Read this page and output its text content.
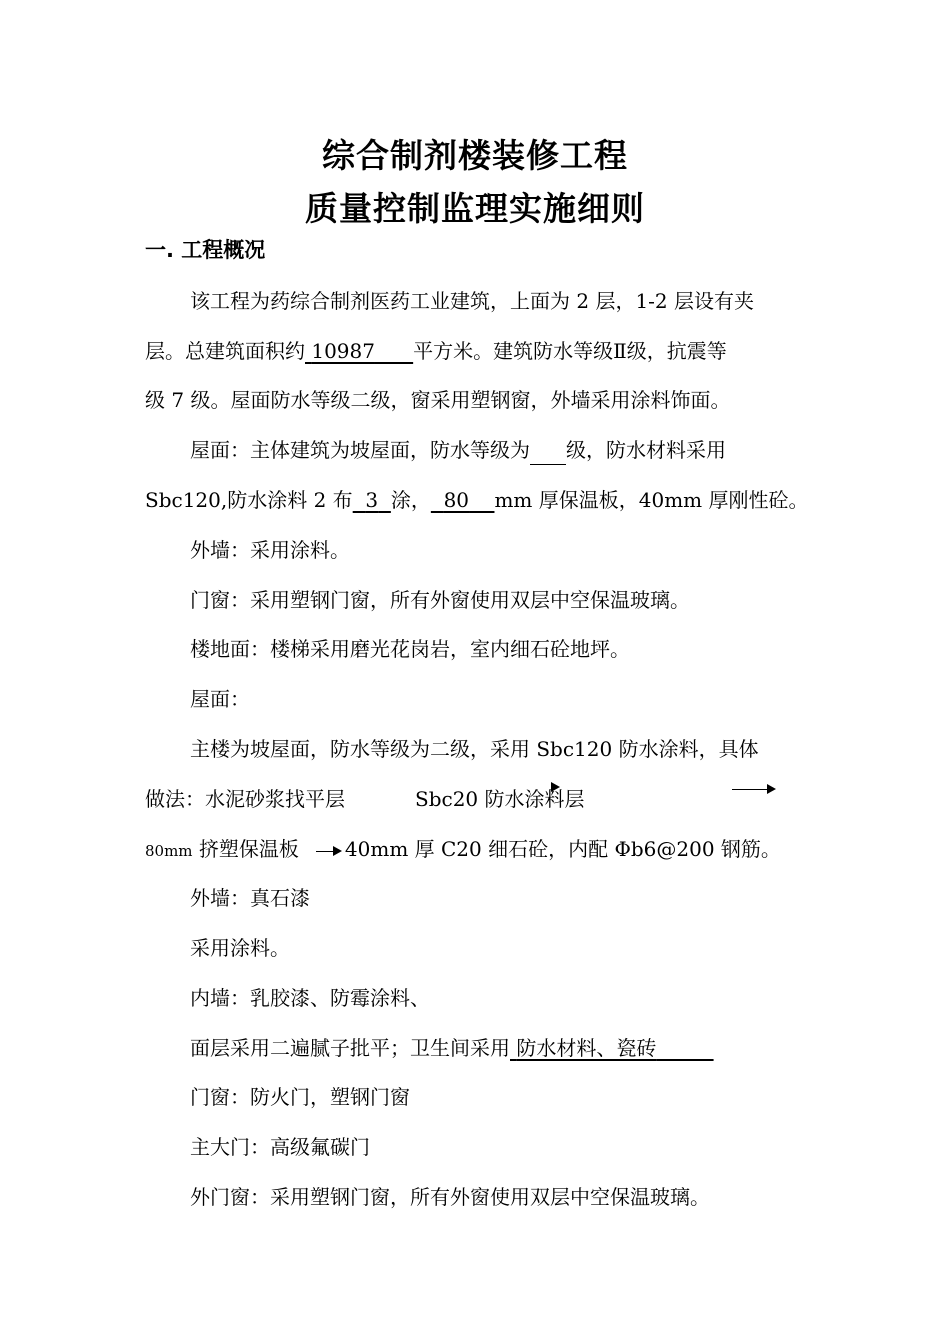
综合制剂楼装修工程
质量控制监理实施细则
一. 工程概况
该工程为药综合制剂医药工业建筑，上面为 2 层，1-2 层设有夹
层。总建筑面积约 10987 平方米。建筑防水等级Ⅱ级，抗震等
级 7 级。屋面防水等级二级，窗采用塑钢窗，外墙采用涂料饰面。
屋面：主体建筑为坡屋面，防水等级为 级，防水材料采用
Sbc120,防水涂料 2 布 3 涂， 80 mm 厚保温板，40mm 厚刚性砼。
外墙：采用涂料。
门窗：采用塑钢门窗，所有外窗使用双层中空保温玻璃。
楼地面：楼梯采用磨光花岗岩，室内细石砼地坪。
屋面：
主楼为坡屋面，防水等级为二级，采用 Sbc120 防水涂料，具体
做法：水泥砂浆找平层	Sbc20 防水涂料层
80mm 挤塑保温板 40mm 厚 C20 细石砼，内配 Φb6@200 钢筋。
外墙：真石漆
采用涂料。
内墙：乳胶漆、防霉涂料、
面层采用二遍腻子批平；卫生间采用 防水材料、瓷砖
门窗：防火门，塑钢门窗
主大门：高级氟碳门
外门窗：采用塑钢门窗，所有外窗使用双层中空保温玻璃。
